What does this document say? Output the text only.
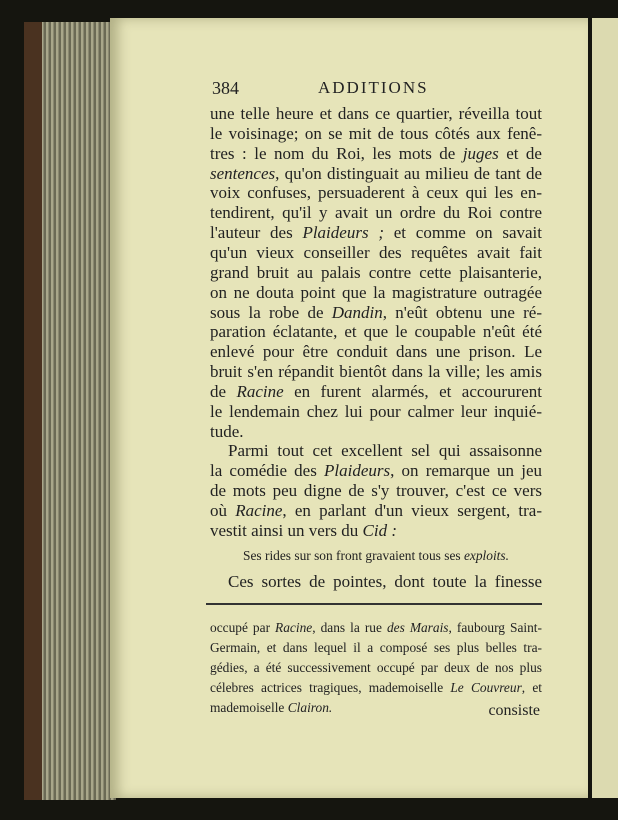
384	ADDITIONS
une telle heure et dans ce quartier, réveilla tout
le voisinage; on se mit de tous côtés aux fenê-
tres : le nom du Roi, les mots de juges et de
sentences, qu'on distinguait au milieu de tant de
voix confuses, persuaderent à ceux qui les en-
tendirent, qu'il y avait un ordre du Roi contre
l'auteur des Plaideurs ; et comme on savait
qu'un vieux conseiller des requêtes avait fait
grand bruit au palais contre cette plaisanterie,
on ne douta point que la magistrature outragée
sous la robe de Dandin, n'eût obtenu une ré-
paration éclatante, et que le coupable n'eût été
enlevé pour être conduit dans une prison. Le
bruit s'en répandit bientôt dans la ville; les amis
de Racine en furent alarmés, et accoururent
le lendemain chez lui pour calmer leur inquié-
tude.
Parmi tout cet excellent sel qui assaisonne
la comédie des Plaideurs, on remarque un jeu
de mots peu digne de s'y trouver, c'est ce vers
où Racine, en parlant d'un vieux sergent, tra-
vestit ainsi un vers du Cid :
Ces sortes de pointes, dont toute la finesse
occupé par Racine, dans la rue des Marais, faubourg Saint-
Germain, et dans lequel il a composé ses plus belles tra-
gédies, a été successivement occupé par deux de nos plus
célebres actrices tragiques, mademoiselle Le Couvreur, et
mademoiselle Clairon.
Ses rides sur son front gravaient tous ses exploits.
consiste
